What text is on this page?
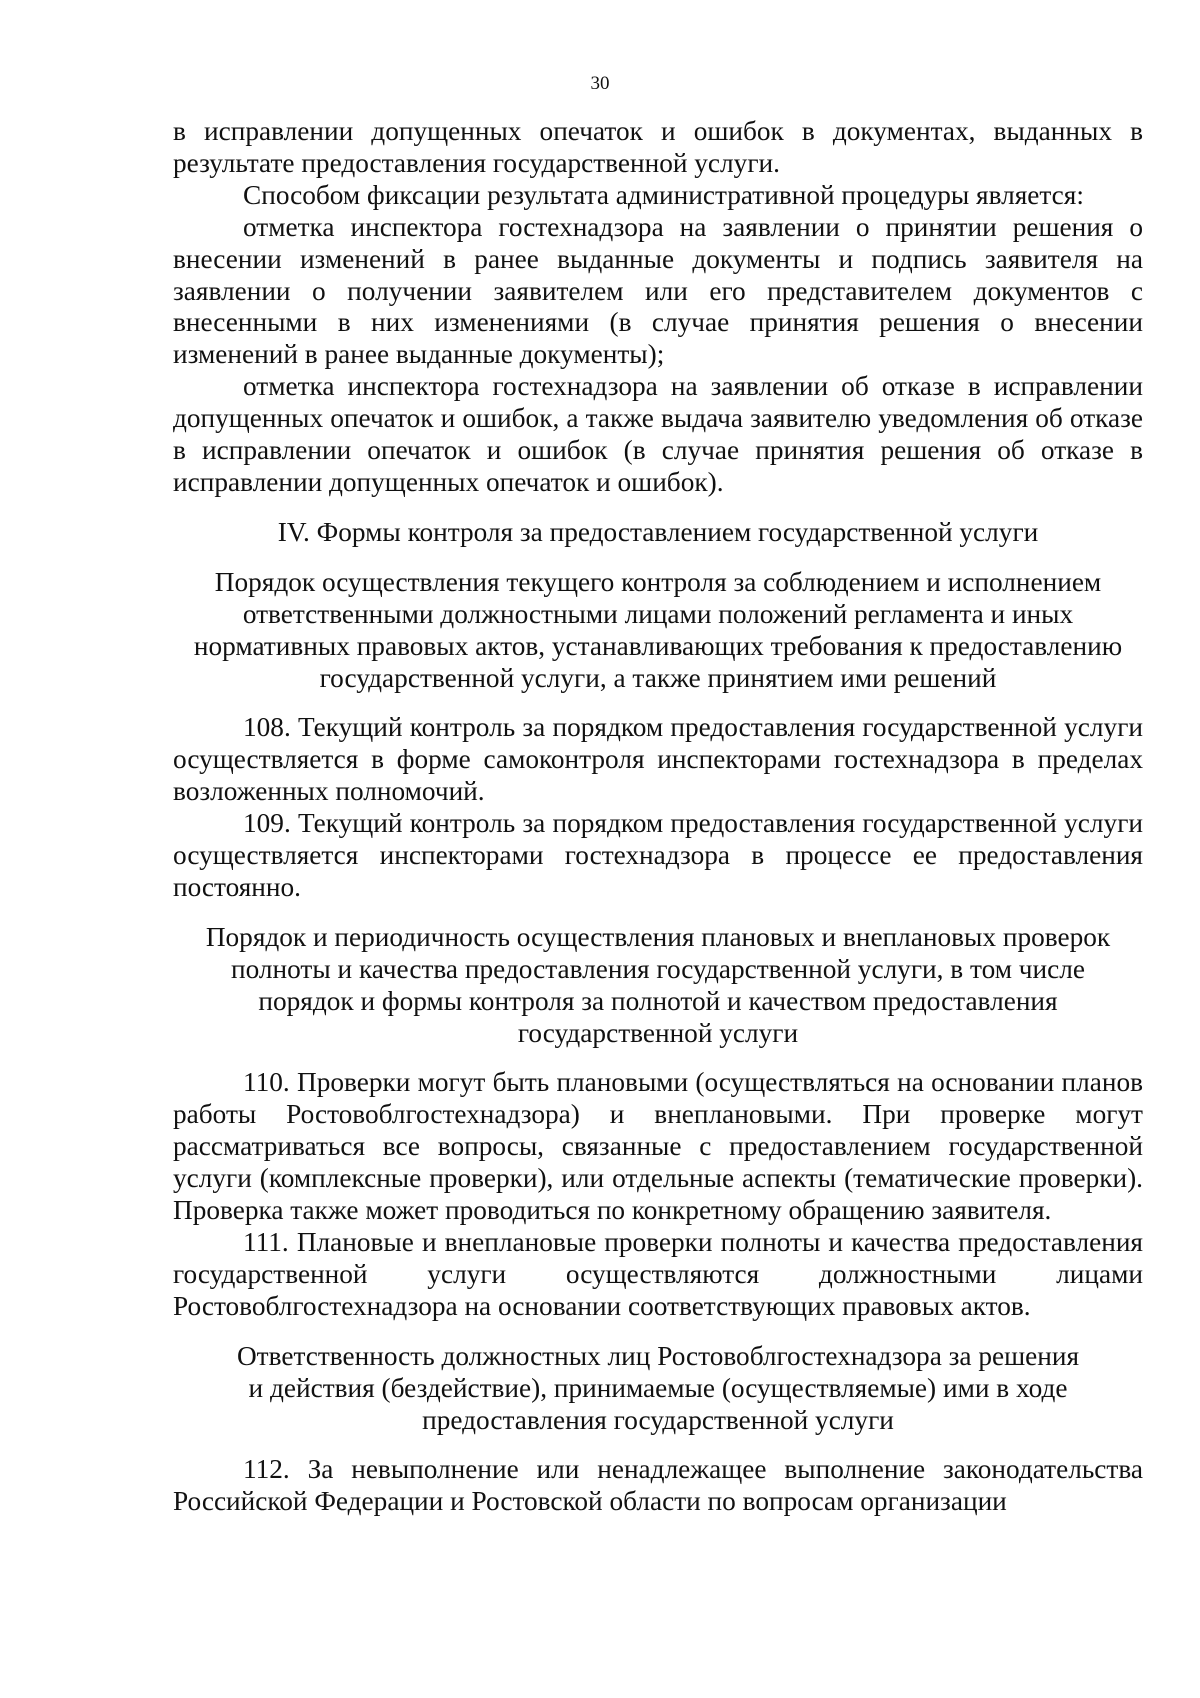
30

в исправлении допущенных опечаток и ошибок в документах, выданных в результате предоставления государственной услуги.

Способом фиксации результата административной процедуры является:

отметка инспектора гостехнадзора на заявлении о принятии решения о внесении изменений в ранее выданные документы и подпись заявителя на заявлении о получении заявителем или его представителем документов с внесенными в них изменениями (в случае принятия решения о внесении изменений в ранее выданные документы);

отметка инспектора гостехнадзора на заявлении об отказе в исправлении допущенных опечаток и ошибок, а также выдача заявителю уведомления об отказе в исправлении опечаток и ошибок (в случае принятия решения об отказе в исправлении допущенных опечаток и ошибок).

IV. Формы контроля за предоставлением государственной услуги

Порядок осуществления текущего контроля за соблюдением и исполнением

ответственными должностными лицами положений регламента и иных

нормативных правовых актов, устанавливающих требования к предоставлению

государственной услуги, а также принятием ими решений

108. Текущий контроль за порядком предоставления государственной услуги осуществляется в форме самоконтроля инспекторами гостехнадзора в пределах возложенных полномочий.

109. Текущий контроль за порядком предоставления государственной услуги осуществляется инспекторами гостехнадзора в процессе ее предоставления постоянно.

Порядок и периодичность осуществления плановых и внеплановых проверок

полноты и качества предоставления государственной услуги, в том числе

порядок и формы контроля за полнотой и качеством предоставления

государственной услуги

110. Проверки могут быть плановыми (осуществляться на основании планов работы Ростовоблгостехнадзора) и внеплановыми. При проверке могут рассматриваться все вопросы, связанные с предоставлением государственной услуги (комплексные проверки), или отдельные аспекты (тематические проверки). Проверка также может проводиться по конкретному обращению заявителя.

111. Плановые и внеплановые проверки полноты и качества предоставления государственной услуги осуществляются должностными лицами Ростовоблгостехнадзора на основании соответствующих правовых актов.

Ответственность должностных лиц Ростовоблгостехнадзора за решения

и действия (бездействие), принимаемые (осуществляемые) ими в ходе

предоставления государственной услуги

112. За невыполнение или ненадлежащее выполнение законодательства Российской Федерации и Ростовской области по вопросам организации
